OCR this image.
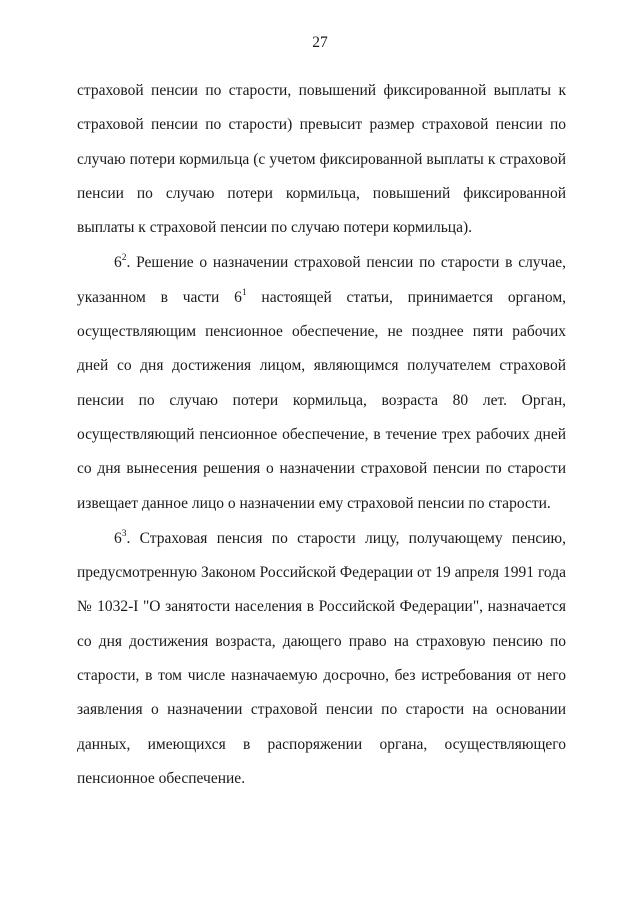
27

страховой пенсии по старости, повышений фиксированной выплаты к страховой пенсии по старости) превысит размер страховой пенсии по случаю потери кормильца (с учетом фиксированной выплаты к страховой пенсии по случаю потери кормильца, повышений фиксированной выплаты к страховой пенсии по случаю потери кормильца).

$6^2$. Решение о назначении страховой пенсии по старости в случае, указанном в части $6^1$ настоящей статьи, принимается органом, осуществляющим пенсионное обеспечение, не позднее пяти рабочих дней со дня достижения лицом, являющимся получателем страховой пенсии по случаю потери кормильца, возраста 80 лет. Орган, осуществляющий пенсионное обеспечение, в течение трех рабочих дней со дня вынесения решения о назначении страховой пенсии по старости извещает данное лицо о назначении ему страховой пенсии по старости.

$6^3$. Страховая пенсия по старости лицу, получающему пенсию, предусмотренную Законом Российской Федерации от 19 апреля 1991 года № 1032-I "О занятости населения в Российской Федерации", назначается со дня достижения возраста, дающего право на страховую пенсию по старости, в том числе назначаемую досрочно, без истребования от него заявления о назначении страховой пенсии по старости на основании данных, имеющихся в распоряжении органа, осуществляющего пенсионное обеспечение.
